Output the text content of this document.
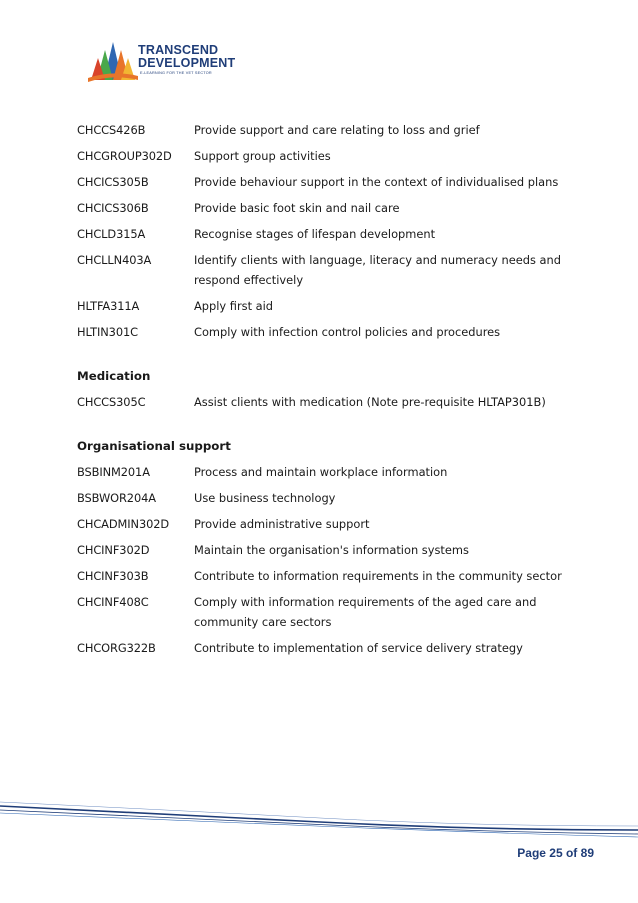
TRANSCEND
DEVELOPMENT
E-LEARNING FOR THE VET SECTOR
CHCCS426B	Provide support and care relating to loss and grief
CHCGROUP302D	Support group activities
CHCICS305B	Provide behaviour support in the context of individualised plans
CHCICS306B	Provide basic foot skin and nail care
CHCLD315A	Recognise stages of lifespan development
CHCLLN403A	Identify clients with language, literacy and numeracy needs and respond effectively
HLTFA311A	Apply first aid
HLTIN301C	Comply with infection control policies and procedures
Medication
CHCCS305C	Assist clients with medication (Note pre-requisite HLTAP301B)
Organisational support
BSBINM201A	Process and maintain workplace information
BSBWOR204A	Use business technology
CHCADMIN302D	Provide administrative support
CHCINF302D	Maintain the organisation's information systems
CHCINF303B	Contribute to information requirements in the community sector
CHCINF408C	Comply with information requirements of the aged care and community care sectors
CHCORG322B	Contribute to implementation of service delivery strategy
Page 25 of 89
